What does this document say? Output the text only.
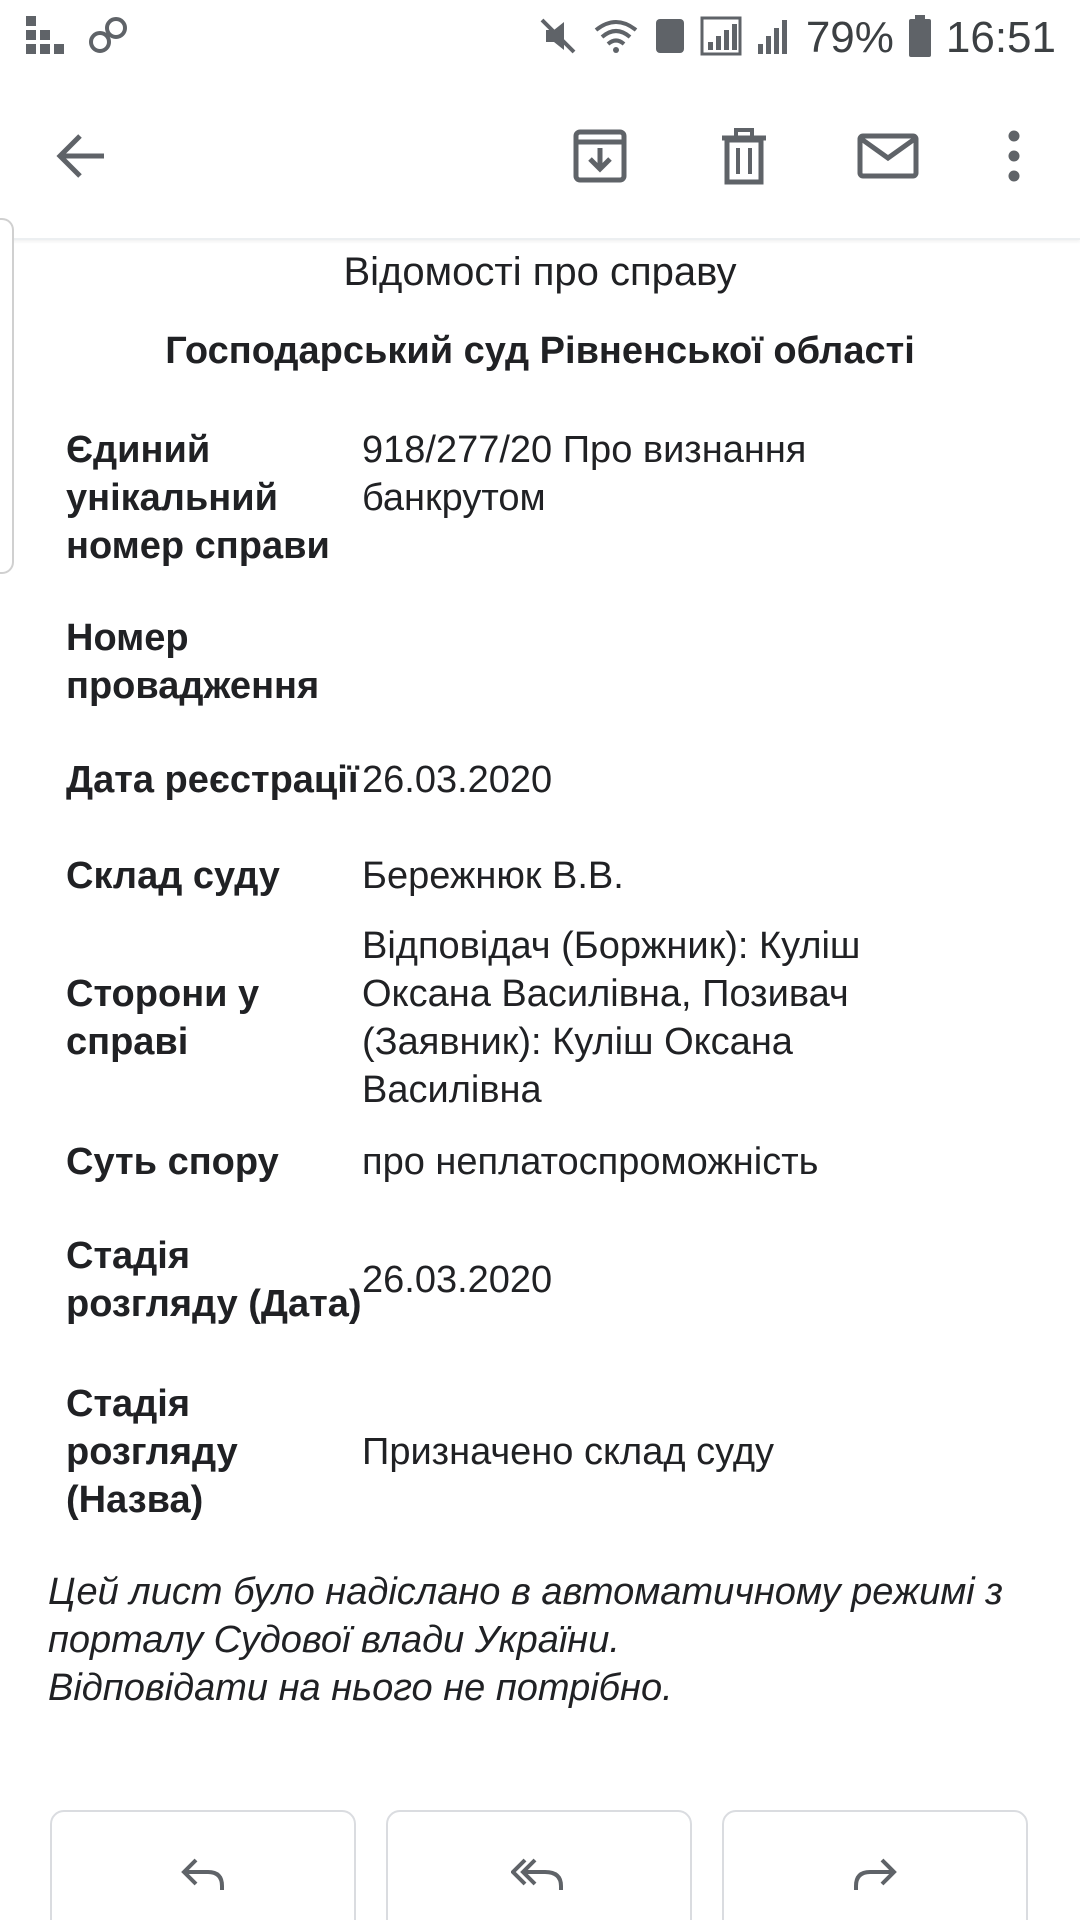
79% 16:51
Відомості про справу
Господарський суд Рівненської області
Єдиний унікальний номер справи
918/277/20 Про визнання банкрутом
Номер провадження
Дата реєстрації 26.03.2020
Склад суду	Бережнюк В.В.
Сторони у справі
Відповідач (Боржник): Куліш Оксана Василівна, Позивач (Заявник): Куліш Оксана Василівна
Суть спору	про неплатоспроможність
Стадія розгляду (Дата)
26.03.2020
Стадія розгляду (Назва)
Призначено склад суду
Цей лист було надіслано в автоматичному режимі з порталу Судової влади України.
Відповідати на нього не потрібно.
